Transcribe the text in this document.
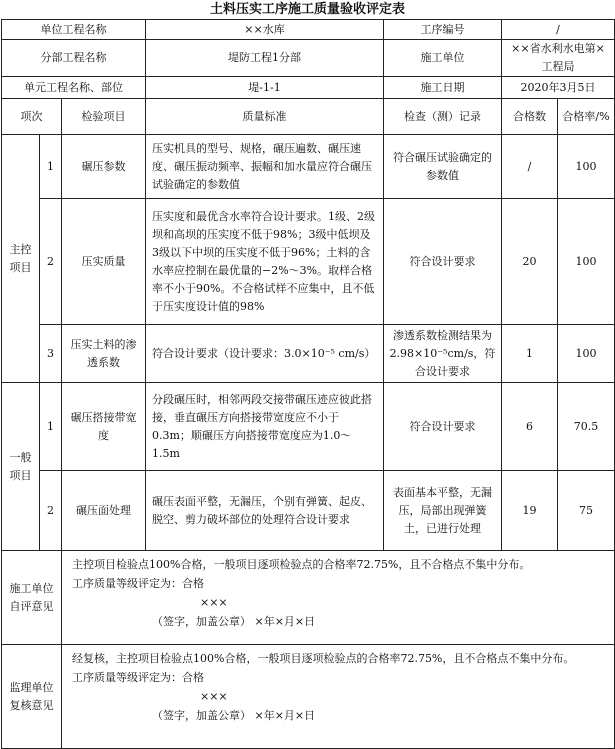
土料压实工序施工质量验收评定表
单位工程名称			××水库	工序编号	/	
分部工程名称			堤防工程1分部	施工单位	××省水利水电第×工程局	
单元工程名称、部位			堤-1-1	施工日期	2020年3月5日	
项次		检验项目	质量标准	检查（测）记录	合格数	合格率/%
主控项目	1	碾压参数	压实机具的型号、规格，碾压遍数、碾压速度、碾压振动频率、振幅和加水量应符合碾压试验确定的参数值	符合碾压试验确定的参数值	/	100
	2	压实质量	压实度和最优含水率符合设计要求。1级、2级坝和高坝的压实度不低于98%；3级中低坝及3级以下中坝的压实度不低于96%；土料的含水率应控制在最优量的−2%～3%。取样合格率不小于90%。不合格试样不应集中，且不低于压实度设计值的98%	符合设计要求	20	100
	3	压实土料的渗透系数	符合设计要求（设计要求：3.0×10⁻⁵ cm/s）	渗透系数检测结果为2.98×10⁻⁵cm/s，符合设计要求	1	100
一般项目	1	碾压搭接带宽度	分段碾压时，相邻两段交接带碾压迹应彼此搭接，垂直碾压方向搭接带宽度应不小于0.3m；顺碾压方向搭接带宽度应为1.0～1.5m	符合设计要求	6	70.5
	2	碾压面处理	碾压表面平整，无漏压，个别有弹簧、起皮、脱空、剪力破坏部位的处理符合设计要求	表面基本平整，无漏压，局部出现弹簧土，已进行处理	19	75
施工单位自评意见		主控项目检验点100%合格，一般项目逐项检验点的合格率72.75%，且不合格点不集中分布。
工序质量等级评定为：合格
×××
（签字，加盖公章） ×年×月×日				

监理单位复核意见		经复核，主控项目检验点100%合格，一般项目逐项检验点的合格率72.75%，且不合格点不集中分布。
工序质量等级评定为：合格
×××
（签字，加盖公章） ×年×月×日				
